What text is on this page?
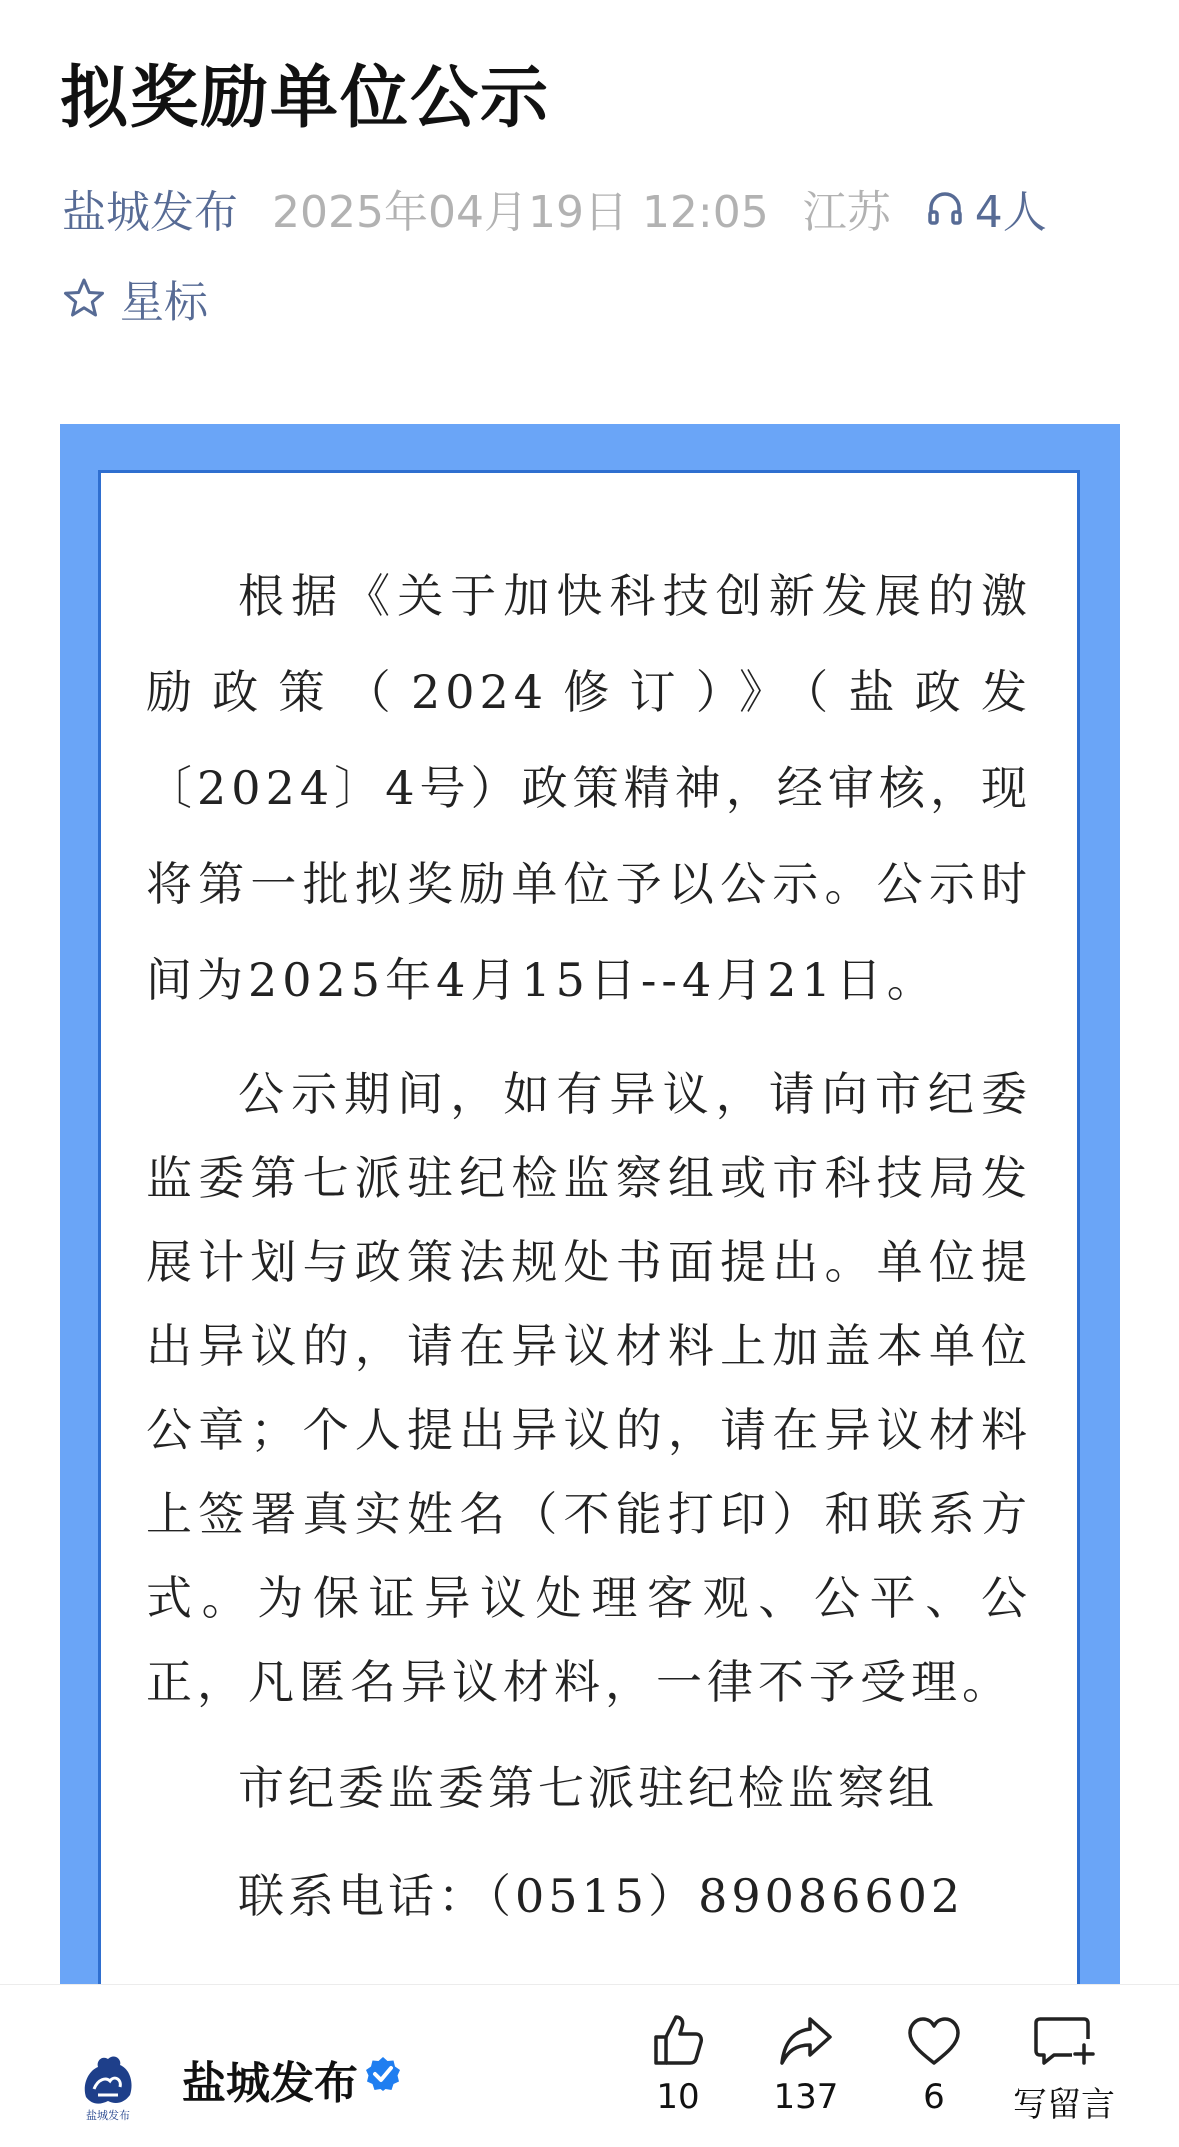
拟奖励单位公示
盐城发布 2025年04月19日 12:05 江苏 4人
星标

根据《关于加快科技创新发展的激励政策（2024修订）》（盐政发〔2024〕4号）政策精神，经审核，现将第一批拟奖励单位予以公示。公示时间为2025年4月15日--4月21日。

公示期间，如有异议，请向市纪委监委第七派驻纪检监察组或市科技局发展计划与政策法规处书面提出。单位提出异议的，请在异议材料上加盖本单位公章；个人提出异议的，请在异议材料上签署真实姓名（不能打印）和联系方式。为保证异议处理客观、公平、公正，凡匿名异议材料，一律不予受理。

市纪委监委第七派驻纪检监察组

联系电话：（0515）89086602

盐城发布
盐城发布	10	137	6	写留言
